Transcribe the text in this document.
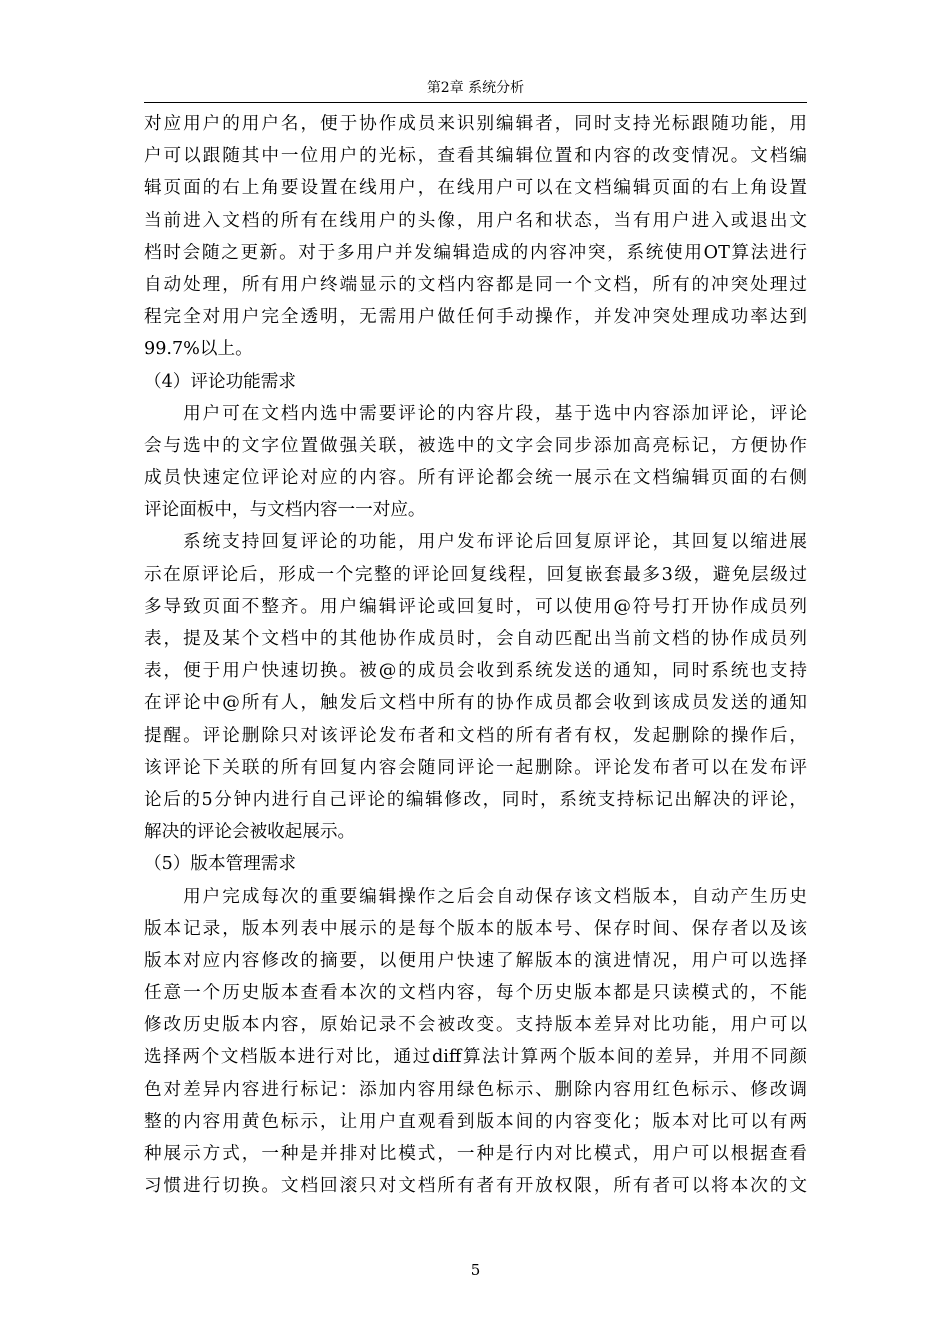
第2章 系统分析
对应用户的用户名，便于协作成员来识别编辑者，同时支持光标跟随功能，用
户可以跟随其中一位用户的光标，查看其编辑位置和内容的改变情况。文档编
辑页面的右上角要设置在线用户，在线用户可以在文档编辑页面的右上角设置
当前进入文档的所有在线用户的头像，用户名和状态，当有用户进入或退出文
档时会随之更新。对于多用户并发编辑造成的内容冲突，系统使用OT算法进行
自动处理，所有用户终端显示的文档内容都是同一个文档，所有的冲突处理过
程完全对用户完全透明，无需用户做任何手动操作，并发冲突处理成功率达到
99.7%以上。
（4）评论功能需求
　　用户可在文档内选中需要评论的内容片段，基于选中内容添加评论，评论
会与选中的文字位置做强关联，被选中的文字会同步添加高亮标记，方便协作
成员快速定位评论对应的内容。所有评论都会统一展示在文档编辑页面的右侧
评论面板中，与文档内容一一对应。
　　系统支持回复评论的功能，用户发布评论后回复原评论，其回复以缩进展
示在原评论后，形成一个完整的评论回复线程，回复嵌套最多3级，避免层级过
多导致页面不整齐。用户编辑评论或回复时，可以使用@符号打开协作成员列
表，提及某个文档中的其他协作成员时，会自动匹配出当前文档的协作成员列
表，便于用户快速切换。被@的成员会收到系统发送的通知，同时系统也支持
在评论中@所有人，触发后文档中所有的协作成员都会收到该成员发送的通知
提醒。评论删除只对该评论发布者和文档的所有者有权，发起删除的操作后，
该评论下关联的所有回复内容会随同评论一起删除。评论发布者可以在发布评
论后的5分钟内进行自己评论的编辑修改，同时，系统支持标记出解决的评论，
解决的评论会被收起展示。
（5）版本管理需求
　　用户完成每次的重要编辑操作之后会自动保存该文档版本，自动产生历史
版本记录，版本列表中展示的是每个版本的版本号、保存时间、保存者以及该
版本对应内容修改的摘要，以便用户快速了解版本的演进情况，用户可以选择
任意一个历史版本查看本次的文档内容，每个历史版本都是只读模式的，不能
修改历史版本内容，原始记录不会被改变。支持版本差异对比功能，用户可以
选择两个文档版本进行对比，通过diff算法计算两个版本间的差异，并用不同颜
色对差异内容进行标记：添加内容用绿色标示、删除内容用红色标示、修改调
整的内容用黄色标示，让用户直观看到版本间的内容变化；版本对比可以有两
种展示方式，一种是并排对比模式，一种是行内对比模式，用户可以根据查看
习惯进行切换。文档回滚只对文档所有者有开放权限，所有者可以将本次的文
5
